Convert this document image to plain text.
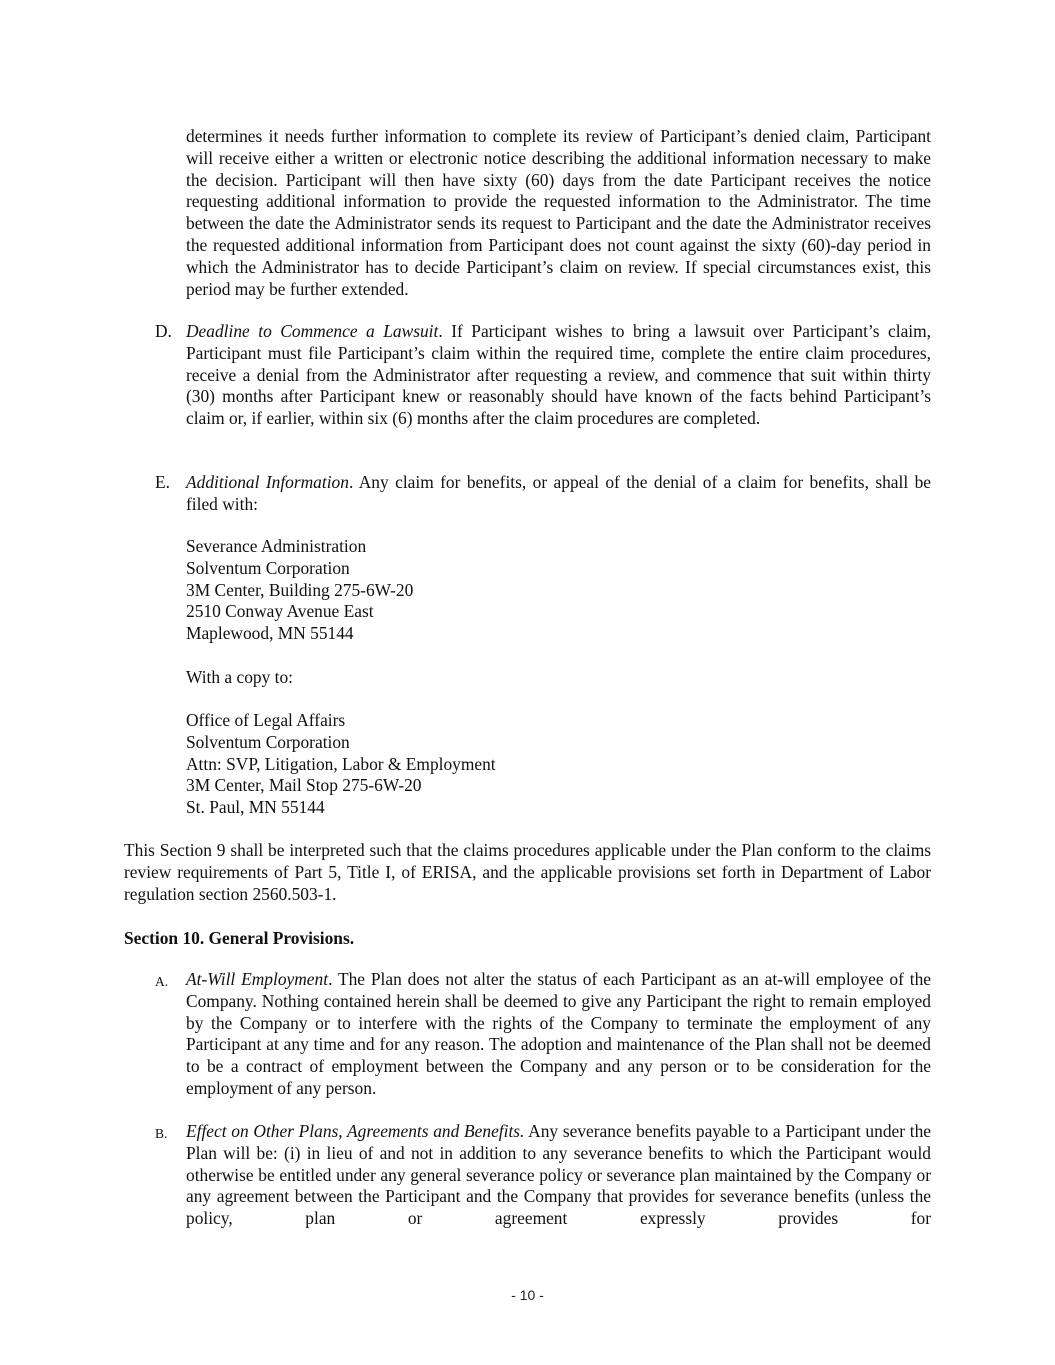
determines it needs further information to complete its review of Participant’s denied claim, Participant will receive either a written or electronic notice describing the additional information necessary to make the decision. Participant will then have sixty (60) days from the date Participant receives the notice requesting additional information to provide the requested information to the Administrator. The time between the date the Administrator sends its request to Participant and the date the Administrator receives the requested additional information from Participant does not count against the sixty (60)-day period in which the Administrator has to decide Participant’s claim on review. If special circumstances exist, this period may be further extended.

D. Deadline to Commence a Lawsuit. If Participant wishes to bring a lawsuit over Participant’s claim, Participant must file Participant’s claim within the required time, complete the entire claim procedures, receive a denial from the Administrator after requesting a review, and commence that suit within thirty (30) months after Participant knew or reasonably should have known of the facts behind Participant’s claim or, if earlier, within six (6) months after the claim procedures are completed.

E. Additional Information. Any claim for benefits, or appeal of the denial of a claim for benefits, shall be filed with:

Severance Administration
Solventum Corporation
3M Center, Building 275-6W-20
2510 Conway Avenue East
Maplewood, MN 55144
With a copy to:
Office of Legal Affairs
Solventum Corporation
Attn: SVP, Litigation, Labor & Employment
3M Center, Mail Stop 275-6W-20
St. Paul, MN 55144

This Section 9 shall be interpreted such that the claims procedures applicable under the Plan conform to the claims review requirements of Part 5, Title I, of ERISA, and the applicable provisions set forth in Department of Labor regulation section 2560.503-1.

Section 10. General Provisions.
A. At-Will Employment. The Plan does not alter the status of each Participant as an at-will employee of the Company. Nothing contained herein shall be deemed to give any Participant the right to remain employed by the Company or to interfere with the rights of the Company to terminate the employment of any Participant at any time and for any reason. The adoption and maintenance of the Plan shall not be deemed to be a contract of employment between the Company and any person or to be consideration for the employment of any person.

B. Effect on Other Plans, Agreements and Benefits. Any severance benefits payable to a Participant under the Plan will be: (i) in lieu of and not in addition to any severance benefits to which the Participant would otherwise be entitled under any general severance policy or severance plan maintained by the Company or any agreement between the Participant and the Company that provides for severance benefits (unless the policy, plan or agreement expressly provides for

- 10 -
